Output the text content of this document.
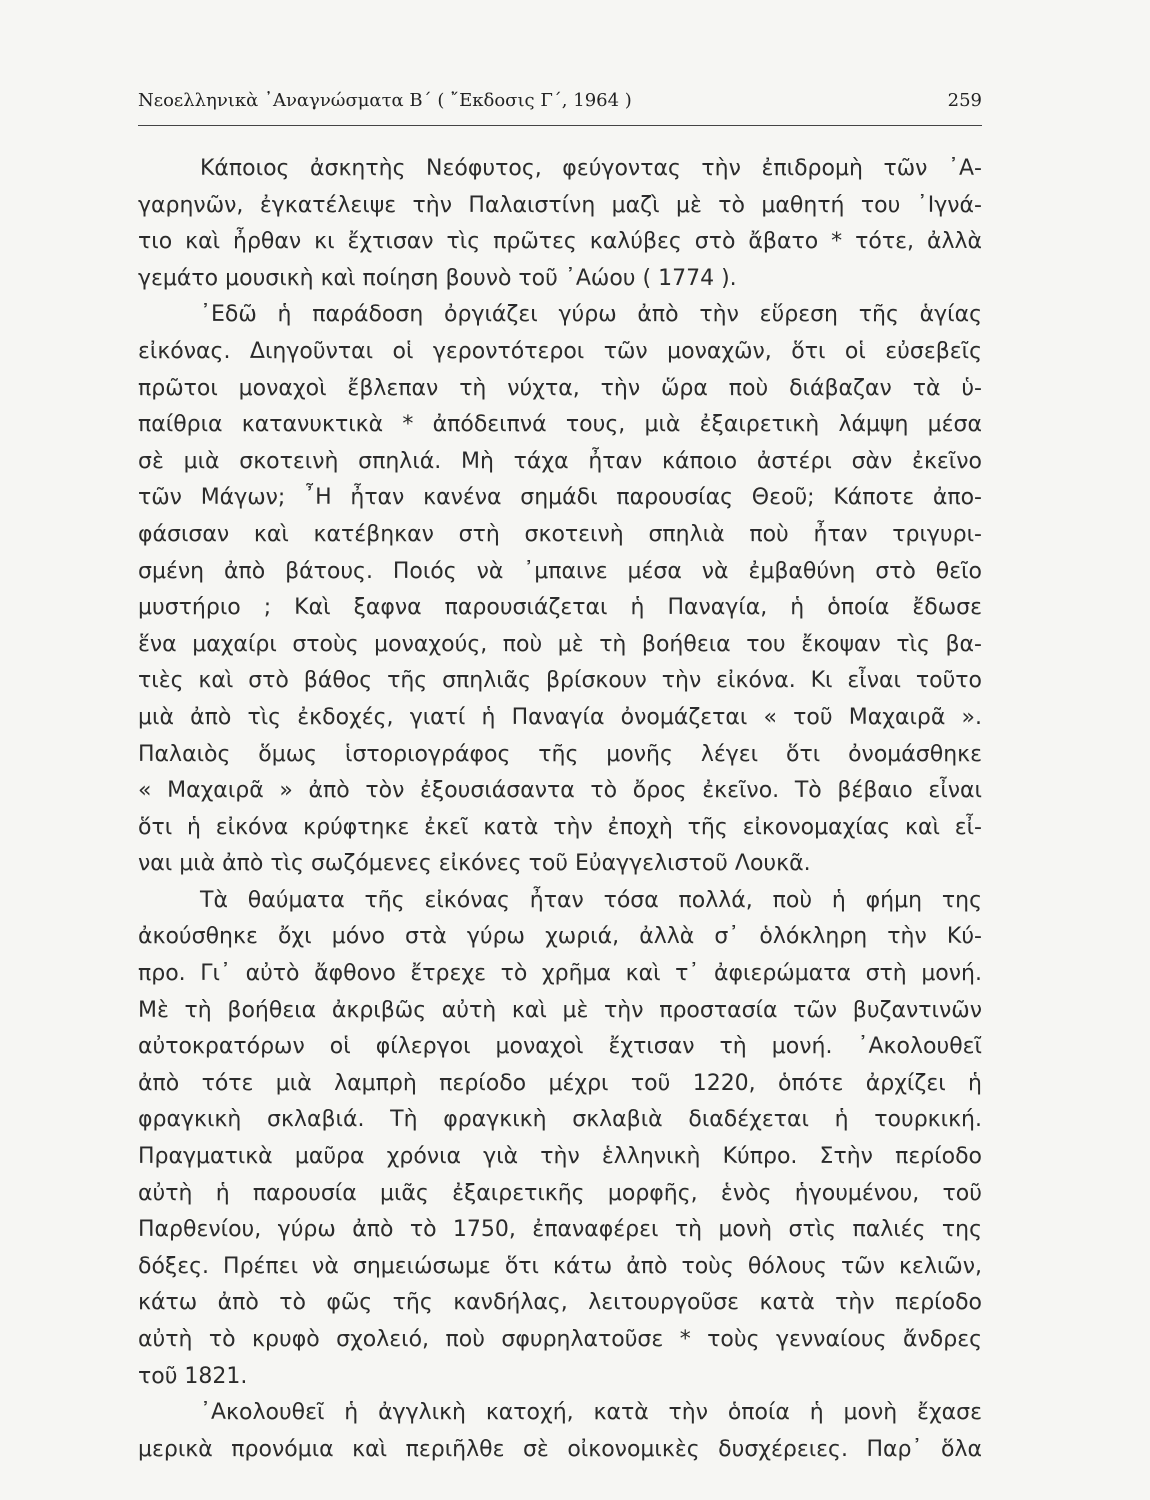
Νεοελληνικὰ ᾿Αναγνώσματα Β΄ ( ῎Εκδοσις Γ΄, 1964 )	259
Κάποιος ἀσκητὴς Νεόφυτος, φεύγοντας τὴν ἐπιδρομὴ τῶν ᾿Α-
γαρηνῶν, ἐγκατέλειψε τὴν Παλαιστίνη μαζὶ μὲ τὸ μαθητή του ᾿Ιγνά-
τιο καὶ ἦρθαν κι ἔχτισαν τὶς πρῶτες καλύβες στὸ ἄβατο * τότε, ἀλλὰ
γεμάτο μουσικὴ καὶ ποίηση βουνὸ τοῦ ᾿Αώου ( 1774 ).
᾿Εδῶ ἡ παράδοση ὀργιάζει γύρω ἀπὸ τὴν εὕρεση τῆς ἁγίας
εἰκόνας. Διηγοῦνται οἱ γεροντότεροι τῶν μοναχῶν, ὅτι οἱ εὐσεβεῖς
πρῶτοι μοναχοὶ ἔβλεπαν τὴ νύχτα, τὴν ὥρα ποὺ διάβαζαν τὰ ὑ-
παίθρια κατανυκτικὰ * ἀπόδειπνά τους, μιὰ ἐξαιρετικὴ λάμψη μέσα
σὲ μιὰ σκοτεινὴ σπηλιά. Μὴ τάχα ἦταν κάποιο ἀστέρι σὰν ἐκεῖνο
τῶν Μάγων; ῏Η ἦταν κανένα σημάδι παρουσίας Θεοῦ; Κάποτε ἀπο-
φάσισαν καὶ κατέβηκαν στὴ σκοτεινὴ σπηλιὰ ποὺ ἦταν τριγυρι-
σμένη ἀπὸ βάτους. Ποιός νὰ ᾿μπαινε μέσα νὰ ἐμβαθύνη στὸ θεῖο
μυστήριο ; Καὶ ξαφνα παρουσιάζεται ἡ Παναγία, ἡ ὁποία ἔδωσε
ἕνα μαχαίρι στοὺς μοναχούς, ποὺ μὲ τὴ βοήθεια του ἔκοψαν τὶς βα-
τιὲς καὶ στὸ βάθος τῆς σπηλιᾶς βρίσκουν τὴν εἰκόνα. Κι εἶναι τοῦτο
μιὰ ἀπὸ τὶς ἐκδοχές, γιατί ἡ Παναγία ὀνομάζεται « τοῦ Μαχαιρᾶ ».
Παλαιὸς ὅμως ἱστοριογράφος τῆς μονῆς λέγει ὅτι ὀνομάσθηκε
« Μαχαιρᾶ » ἀπὸ τὸν ἐξουσιάσαντα τὸ ὄρος ἐκεῖνο. Τὸ βέβαιο εἶναι
ὅτι ἡ εἰκόνα κρύφτηκε ἐκεῖ κατὰ τὴν ἐποχὴ τῆς εἰκονομαχίας καὶ εἶ-
ναι μιὰ ἀπὸ τὶς σωζόμενες εἰκόνες τοῦ Εὐαγγελιστοῦ Λουκᾶ.
Τὰ θαύματα τῆς εἰκόνας ἦταν τόσα πολλά, ποὺ ἡ φήμη της
ἀκούσθηκε ὄχι μόνο στὰ γύρω χωριά, ἀλλὰ σ᾿ ὁλόκληρη τὴν Κύ-
προ. Γι᾿ αὐτὸ ἄφθονο ἔτρεχε τὸ χρῆμα καὶ τ᾿ ἀφιερώματα στὴ μονή.
Μὲ τὴ βοήθεια ἀκριβῶς αὐτὴ καὶ μὲ τὴν προστασία τῶν βυζαντινῶν
αὐτοκρατόρων οἱ φίλεργοι μοναχοὶ ἔχτισαν τὴ μονή. ᾿Ακολουθεῖ
ἀπὸ τότε μιὰ λαμπρὴ περίοδο μέχρι τοῦ 1220, ὁπότε ἀρχίζει ἡ
φραγκικὴ σκλαβιά. Τὴ φραγκικὴ σκλαβιὰ διαδέχεται ἡ τουρκική.
Πραγματικὰ μαῦρα χρόνια γιὰ τὴν ἑλληνικὴ Κύπρο. Στὴν περίοδο
αὐτὴ ἡ παρουσία μιᾶς ἐξαιρετικῆς μορφῆς, ἑνὸς ἡγουμένου, τοῦ
Παρθενίου, γύρω ἀπὸ τὸ 1750, ἐπαναφέρει τὴ μονὴ στὶς παλιές της
δόξες. Πρέπει νὰ σημειώσωμε ὅτι κάτω ἀπὸ τοὺς θόλους τῶν κελιῶν,
κάτω ἀπὸ τὸ φῶς τῆς κανδήλας, λειτουργοῦσε κατὰ τὴν περίοδο
αὐτὴ τὸ κρυφὸ σχολειό, ποὺ σφυρηλατοῦσε * τοὺς γενναίους ἄνδρες
τοῦ 1821.
᾿Ακολουθεῖ ἡ ἀγγλικὴ κατοχή, κατὰ τὴν ὁποία ἡ μονὴ ἔχασε
μερικὰ προνόμια καὶ περιῆλθε σὲ οἰκονομικὲς δυσχέρειες. Παρ᾿ ὅλα
